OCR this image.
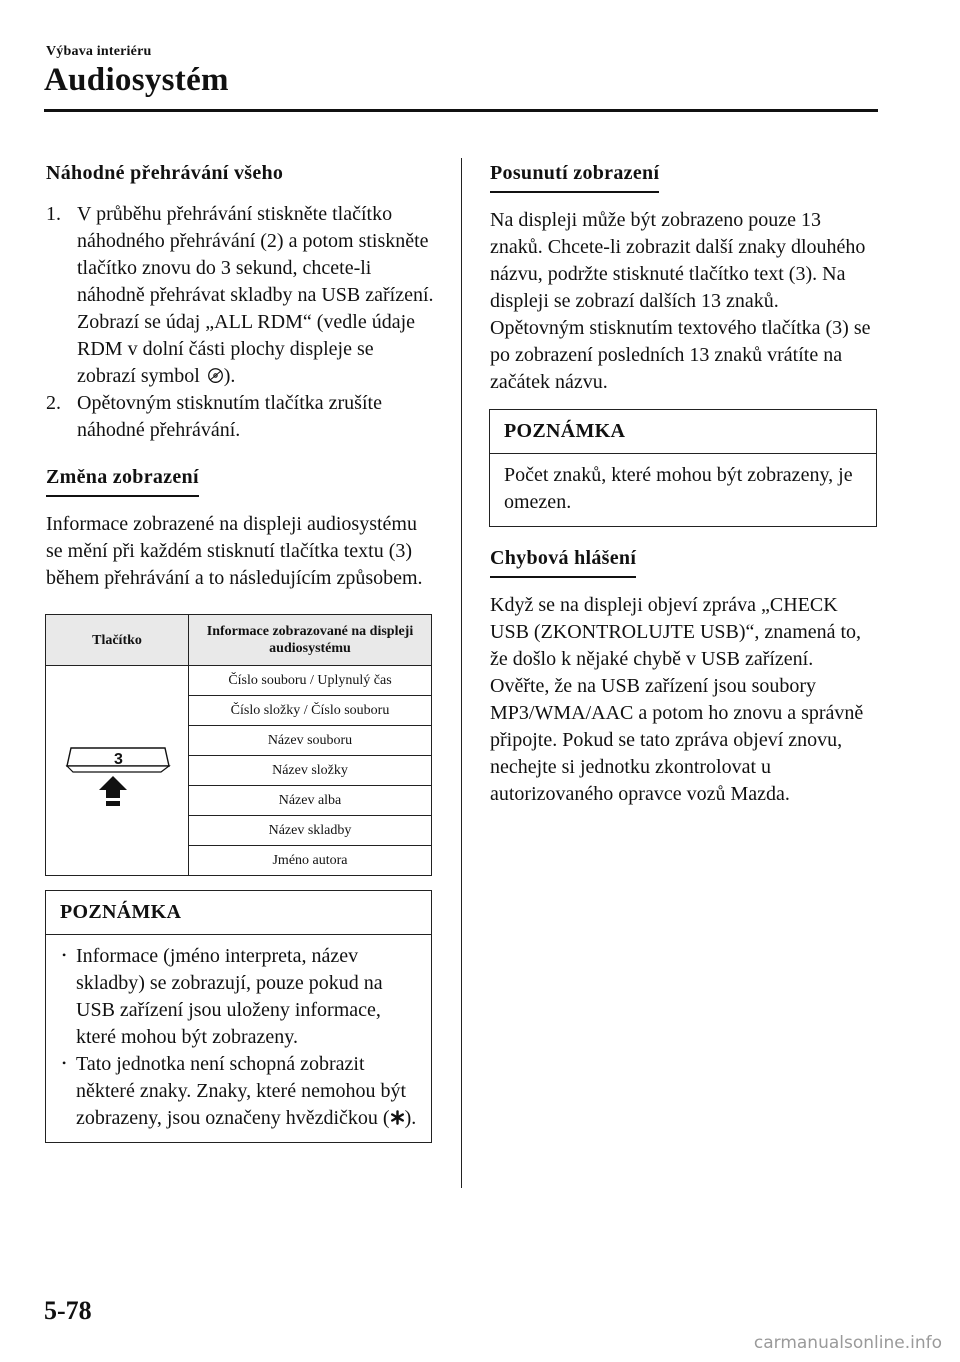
Výbava interiéru
Audiosystém
Náhodné přehrávání všeho
1. V průběhu přehrávání stiskněte tlačítko náhodného přehrávání (2) a potom stiskněte tlačítko znovu do 3 sekund, chcete-li náhodně přehrávat skladby na USB zařízení. Zobrazí se údaj „ALL RDM“ (vedle údaje RDM v dolní části plochy displeje se zobrazí symbol ).
2. Opětovným stisknutím tlačítka zrušíte náhodné přehrávání.
Změna zobrazení

Informace zobrazené na displeji audiosystému se mění při každém stisknutí tlačítka textu (3) během přehrávání a to následujícím způsobem.

Tlačítko	Informace zobrazované na displeji audiosystému

3	Číslo souboru / Uplynulý čas
	Číslo složky / Číslo souboru
	Název souboru
	Název složky
	Název alba
	Název skladby
	Jméno autora
POZNÁMKA
• Informace (jméno interpreta, název skladby) se zobrazují, pouze pokud na USB zařízení jsou uloženy informace, které mohou být zobrazeny.
• Tato jednotka není schopná zobrazit některé znaky. Znaky, které nemohou být zobrazeny, jsou označeny hvězdičkou ( ).
Posunutí zobrazení

Na displeji může být zobrazeno pouze 13 znaků. Chcete-li zobrazit další znaky dlouhého názvu, podržte stisknuté tlačítko text (3). Na displeji se zobrazí dalších 13 znaků. Opětovným stisknutím textového tlačítka (3) se po zobrazení posledních 13 znaků vrátíte na začátek názvu.

POZNÁMKA
Počet znaků, které mohou být zobrazeny, je omezen.
Chybová hlášení

Když se na displeji objeví zpráva „CHECK USB (ZKONTROLUJTE USB)“, znamená to, že došlo k nějaké chybě v USB zařízení. Ověřte, že na USB zařízení jsou soubory MP3/WMA/AAC a potom ho znovu a správně připojte. Pokud se tato zpráva objeví znovu, nechejte si jednotku zkontrolovat u autorizovaného opravce vozů Mazda.

5-78
carmanualsonline.info
